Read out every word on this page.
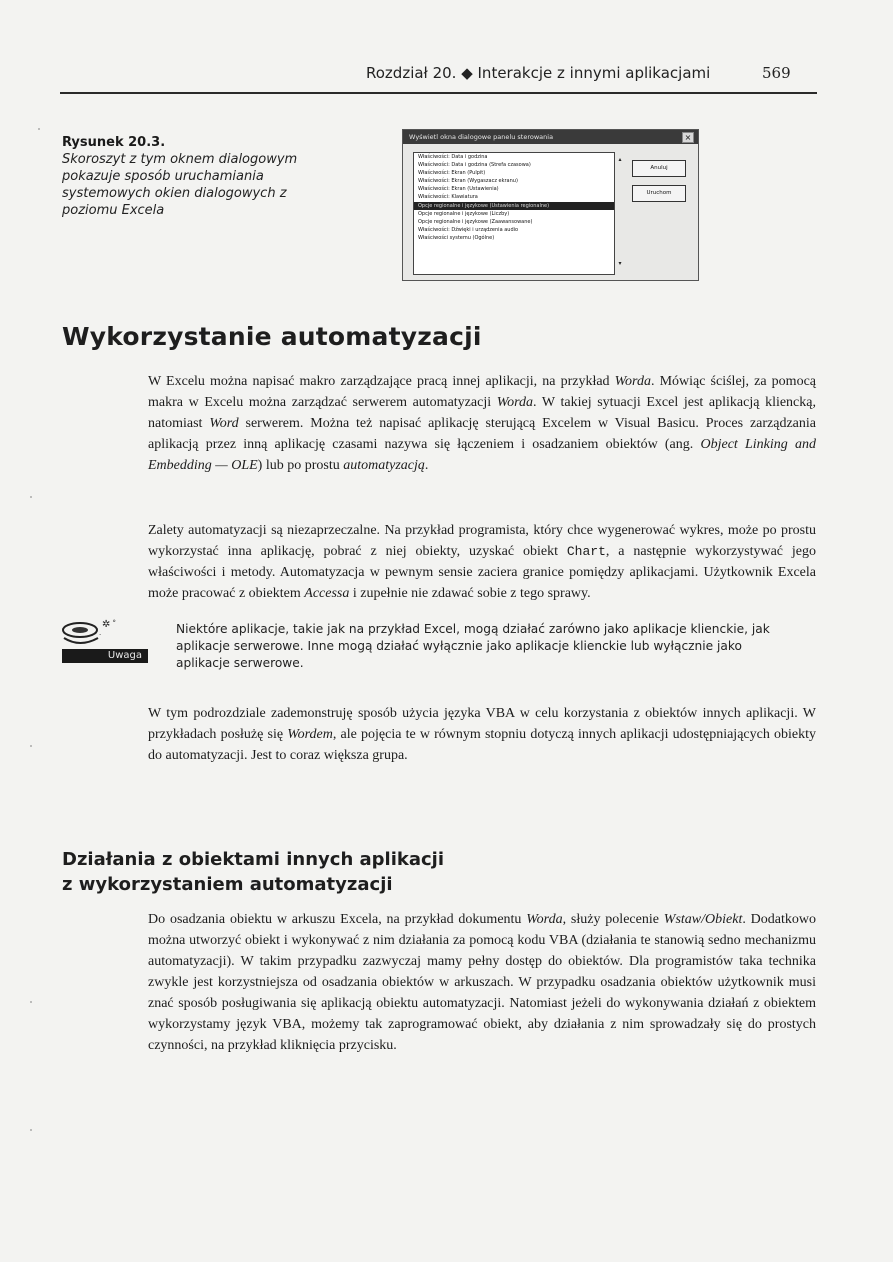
Rozdział 20. ◆ Interakcje z innymi aplikacjami	569
Rysunek 20.3.
Skoroszyt z tym oknem dialogowym pokazuje sposób uruchamiania systemowych okien dialogowych z poziomu Excela
Wyświetl okna dialogowe panelu sterowania	×
Właściwości: Data i godzina
Właściwości: Data i godzina (Strefa czasowa)
Właściwości: Ekran (Pulpit)
Właściwości: Ekran (Wygaszacz ekranu)
Właściwości: Ekran (Ustawienia)
Właściwości: Klawiatura
Opcje regionalne i językowe (Ustawienia regionalne)
Opcje regionalne i językowe (Liczby)
Opcje regionalne i językowe (Zaawansowane)
Właściwości: Dźwięki i urządzenia audio
Właściwości systemu (Ogólne)
▴
▾
Anuluj
Uruchom
Wykorzystanie automatyzacji
W Excelu można napisać makro zarządzające pracą innej aplikacji, na przykład Worda. Mówiąc ściślej, za pomocą makra w Excelu można zarządzać serwerem automatyzacji Worda. W takiej sytuacji Excel jest aplikacją kliencką, natomiast Word serwerem. Można też napisać aplikację sterującą Excelem w Visual Basicu. Proces zarządzania aplikacją przez inną aplikację czasami nazywa się łączeniem i osadzaniem obiektów (ang. Object Linking and Embedding — OLE) lub po prostu automatyzacją.
Zalety automatyzacji są niezaprzeczalne. Na przykład programista, który chce wygenerować wykres, może po prostu wykorzystać inna aplikację, pobrać z niej obiekty, uzyskać obiekt Chart, a następnie wykorzystywać jego właściwości i metody. Automatyzacja w pewnym sensie zaciera granice pomiędzy aplikacjami. Użytkownik Excela może pracować z obiektem Accessa i zupełnie nie zdawać sobie z tego sprawy.
✲ ∘
·
Uwaga
Niektóre aplikacje, takie jak na przykład Excel, mogą działać zarówno jako aplikacje klienckie, jak aplikacje serwerowe. Inne mogą działać wyłącznie jako aplikacje klienckie lub wyłącznie jako aplikacje serwerowe.
W tym podrozdziale zademonstruję sposób użycia języka VBA w celu korzystania z obiektów innych aplikacji. W przykładach posłużę się Wordem, ale pojęcia te w równym stopniu dotyczą innych aplikacji udostępniających obiekty do automatyzacji. Jest to coraz większa grupa.
Działania z obiektami innych aplikacji
z wykorzystaniem automatyzacji
Do osadzania obiektu w arkuszu Excela, na przykład dokumentu Worda, służy polecenie Wstaw/Obiekt. Dodatkowo można utworzyć obiekt i wykonywać z nim działania za pomocą kodu VBA (działania te stanowią sedno mechanizmu automatyzacji). W takim przypadku zazwyczaj mamy pełny dostęp do obiektów. Dla programistów taka technika zwykle jest korzystniejsza od osadzania obiektów w arkuszach. W przypadku osadzania obiektów użytkownik musi znać sposób posługiwania się aplikacją obiektu automatyzacji. Natomiast jeżeli do wykonywania działań z obiektem wykorzystamy język VBA, możemy tak zaprogramować obiekt, aby działania z nim sprowadzały się do prostych czynności, na przykład kliknięcia przycisku.
